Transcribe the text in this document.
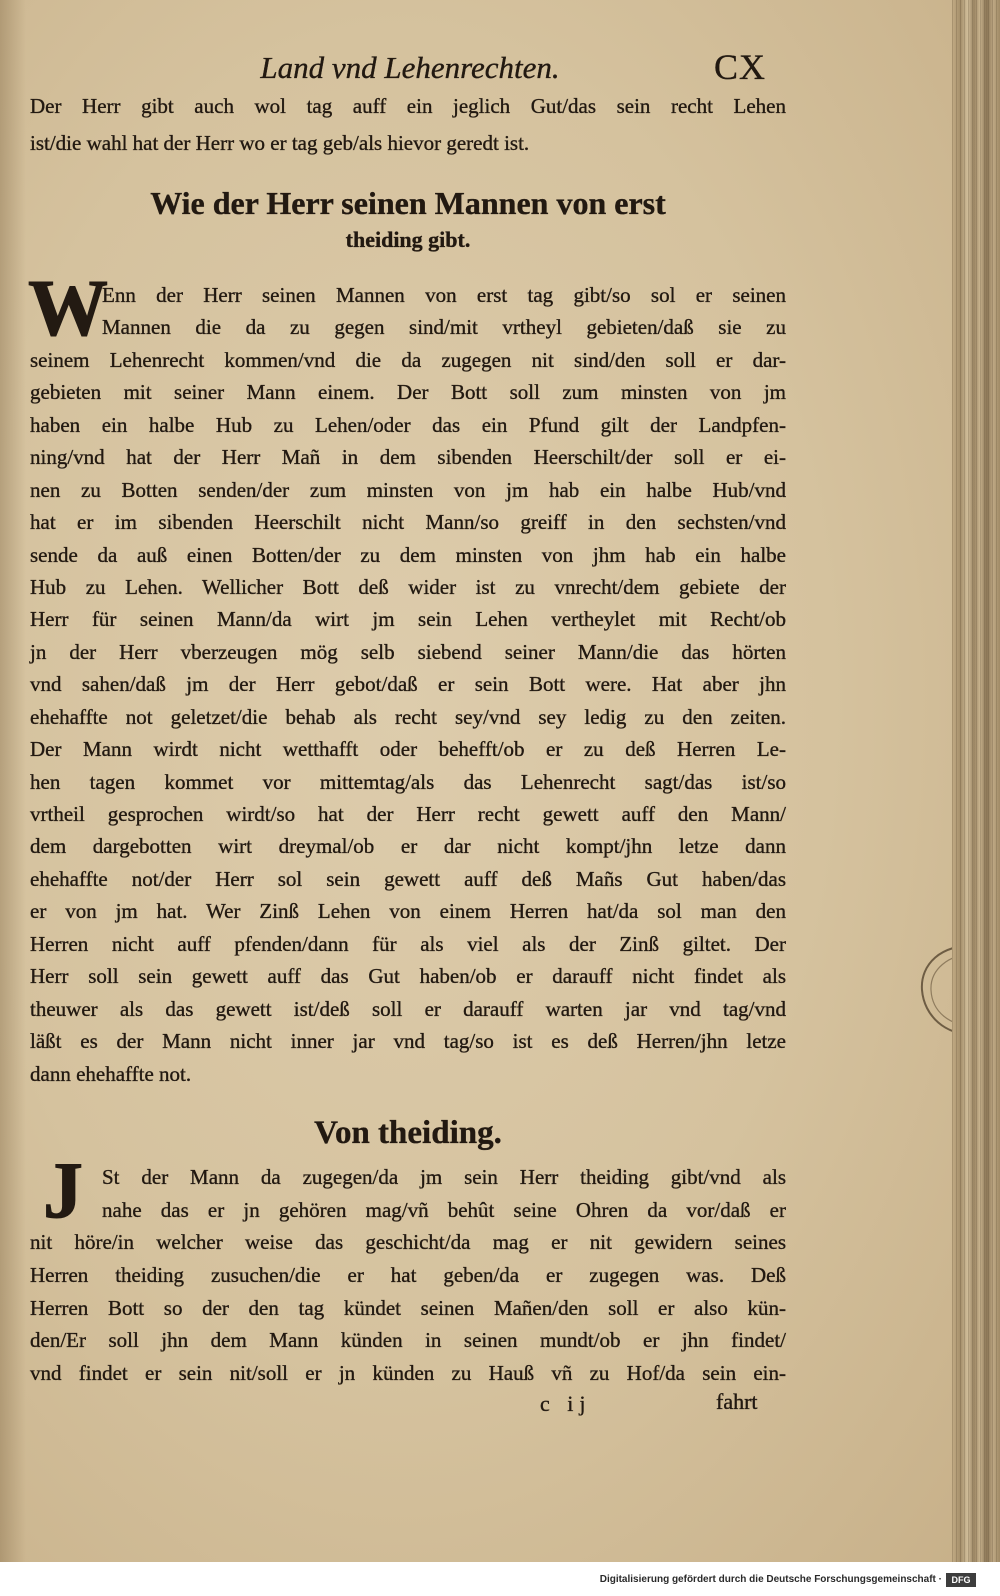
Land vnd Lehenrechten.	CX
Der Herr gibt auch wol tag auff ein jeglich Gut/das sein recht Lehen
ist/die wahl hat der Herr wo er tag geb/als hievor geredt ist.
Wie der Herr seinen Mannen von erst
theiding gibt.
W
Enn der Herr seinen Mannen von erst tag gibt/so sol er seinen
Mannen die da zu gegen sind/mit vrtheyl gebieten/daß sie zu
seinem Lehenrecht kommen/vnd die da zugegen nit sind/den soll er dar-
gebieten mit seiner Mann einem. Der Bott soll zum minsten von jm
haben ein halbe Hub zu Lehen/oder das ein Pfund gilt der Landpfen-
ning/vnd hat der Herr Mañ in dem sibenden Heerschilt/der soll er ei-
nen zu Botten senden/der zum minsten von jm hab ein halbe Hub/vnd
hat er im sibenden Heerschilt nicht Mann/so greiff in den sechsten/vnd
sende da auß einen Botten/der zu dem minsten von jhm hab ein halbe
Hub zu Lehen. Wellicher Bott deß wider ist zu vnrecht/dem gebiete der
Herr für seinen Mann/da wirt jm sein Lehen vertheylet mit Recht/ob
jn der Herr vberzeugen mög selb siebend seiner Mann/die das hörten
vnd sahen/daß jm der Herr gebot/daß er sein Bott were. Hat aber jhn
ehehaffte not geletzet/die behab als recht sey/vnd sey ledig zu den zeiten.
Der Mann wirdt nicht wetthafft oder behefft/ob er zu deß Herren Le-
hen tagen kommet vor mittemtag/als das Lehenrecht sagt/das ist/so
vrtheil gesprochen wirdt/so hat der Herr recht gewett auff den Mann/
dem dargebotten wirt dreymal/ob er dar nicht kompt/jhn letze dann
ehehaffte not/der Herr sol sein gewett auff deß Mañs Gut haben/das
er von jm hat. Wer Zinß Lehen von einem Herren hat/da sol man den
Herren nicht auff pfenden/dann für als viel als der Zinß giltet. Der
Herr soll sein gewett auff das Gut haben/ob er darauff nicht findet als
theuwer als das gewett ist/deß soll er darauff warten jar vnd tag/vnd
läßt es der Mann nicht inner jar vnd tag/so ist es deß Herren/jhn letze
dann ehehaffte not.
Von theiding.
J St der Mann da zugegen/da jm sein Herr theiding gibt/vnd als
nahe das er jn gehören mag/vñ behût seine Ohren da vor/daß er
nit höre/in welcher weise das geschicht/da mag er nit gewidern seines
Herren theiding zusuchen/die er hat geben/da er zugegen was. Deß
Herren Bott so der den tag kündet seinen Mañen/den soll er also kün-
den/Er soll jhn dem Mann künden in seinen mundt/ob er jhn findet/
vnd findet er sein nit/soll er jn künden zu Hauß vñ zu Hof/da sein ein-
c ij	fahrt
Digitalisierung gefördert durch die Deutsche Forschungsgemeinschaft ·	DFG
